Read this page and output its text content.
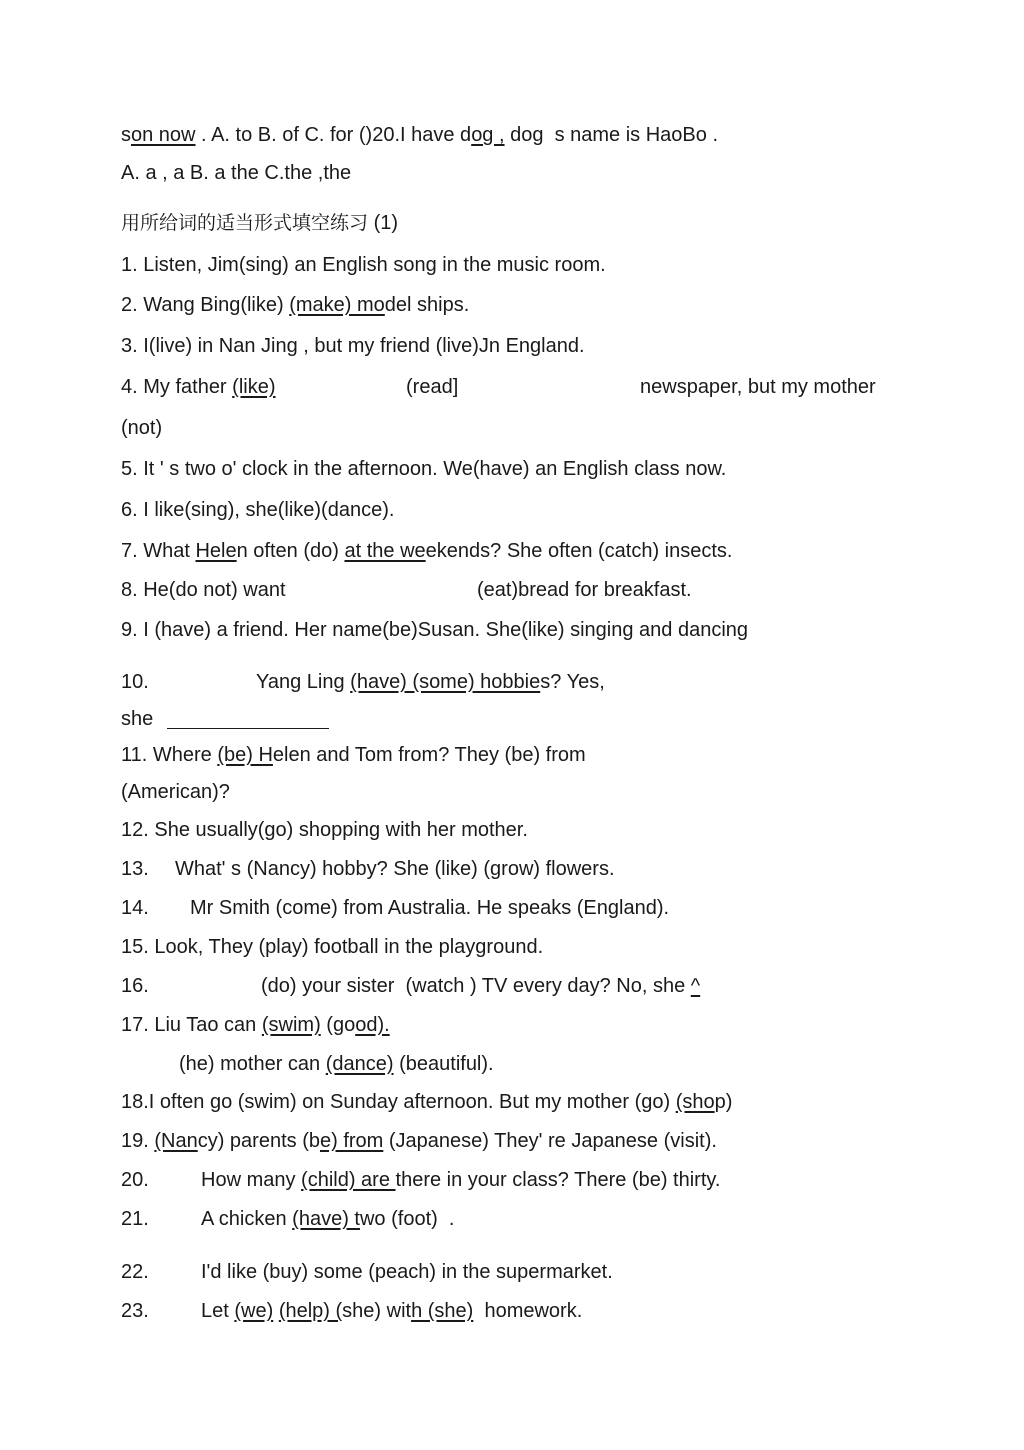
son now . A. to B. of C. for ()20.I have dog , dog  s name is HaoBo .
A. a , a B. a the C.the ,the
用所给词的适当形式填空练习 (1)
1. Listen, Jim(sing) an English song in the music room.
2. Wang Bing(like) (make) model ships.
3. I(live) in Nan Jing , but my friend (live)Jn England.
4. My father (like)	(read]	newspaper, but my mother
(not)
5. It ' s two o' clock in the afternoon. We(have) an English class now.
6. I like(sing), she(like)(dance).
7. What Helen often (do) at the weekends? She often (catch) insects.
8. He(do not) want	(eat)bread for breakfast.
9. I (have) a friend. Her name(be)Susan. She(like) singing and dancing
10.	Yang Ling (have) (some) hobbies? Yes,
she
11. Where (be) Helen and Tom from? They (be) from
(American)?
12. She usually(go) shopping with her mother.
13. What' s (Nancy) hobby? She (like) (grow) flowers.
14. Mr Smith (come) from Australia. He speaks (England).
15. Look, They (play) football in the playground.
16.	(do) your sister  (watch ) TV every day? No, she ^
17. Liu Tao can (swim) (good).
(he) mother can (dance) (beautiful).
18.I often go (swim) on Sunday afternoon. But my mother (go) (shop)
19. (Nancy) parents (be) from (Japanese) They' re Japanese (visit).
20.	How many (child) are there in your class? There (be) thirty.
21.	A chicken (have) two (foot)  .
22.	I'd like (buy) some (peach) in the supermarket.
23.	Let (we) (help) (she) with (she)  homework.
